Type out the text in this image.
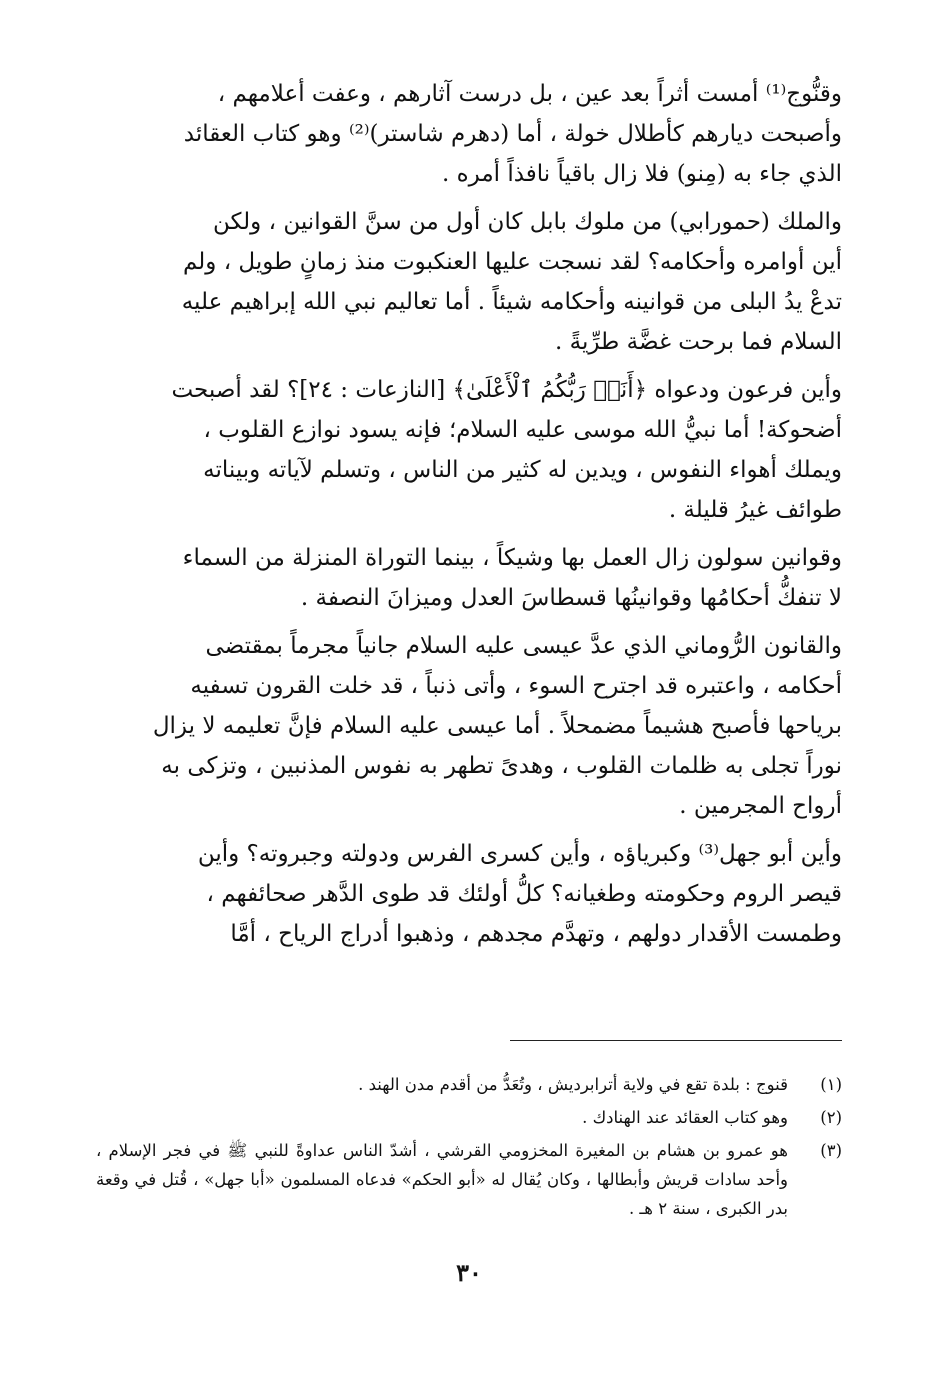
وقنُّوج⁽¹⁾ أمست أثراً بعد عين ، بل درست آثارهم ، وعفت أعلامهم ،
وأصبحت ديارهم كأطلال خولة ، أما (دهرم شاستر)⁽²⁾ وهو كتاب العقائد
الذي جاء به (مِنو) فلا زال باقياً نافذاً أمره .
والملك (حمورابي) من ملوك بابل كان أول من سنَّ القوانين ، ولكن
أين أوامره وأحكامه؟ لقد نسجت عليها العنكبوت منذ زمانٍ طويل ، ولم
تدعْ يدُ البلى من قوانينه وأحكامه شيئاً . أما تعاليم نبي الله إبراهيم عليه
السلام فما برحت غضَّة طرِّيةً .
وأين فرعون ودعواه ﴿أَنَا۠ رَبُّكُمُ ٱلْأَعْلَىٰ﴾ [النازعات : ٢٤]؟ لقد أصبحت
أضحوكة! أما نبيُّ الله موسى عليه السلام؛ فإنه يسود نوازع القلوب ،
ويملك أهواء النفوس ، ويدين له كثير من الناس ، وتسلم لآياته وبيناته
طوائف غيرُ قليلة .
وقوانين سولون زال العمل بها وشيكاً ، بينما التوراة المنزلة من السماء
لا تنفكُّ أحكامُها وقوانينُها قسطاسَ العدل وميزانَ النصفة .
والقانون الرُّوماني الذي عدَّ عيسى عليه السلام جانياً مجرماً بمقتضى
أحكامه ، واعتبره قد اجترح السوء ، وأتى ذنباً ، قد خلت القرون تسفيه
برياحها فأصبح هشيماً مضمحلاً . أما عيسى عليه السلام فإنَّ تعليمه لا يزال
نوراً تجلى به ظلمات القلوب ، وهدىً تطهر به نفوس المذنبين ، وتزكى به
أرواح المجرمين .
وأين أبو جهل⁽³⁾ وكبرياؤه ، وأين كسرى الفرس ودولته وجبروته؟ وأين
قيصر الروم وحكومته وطغيانه؟ كلُّ أولئك قد طوى الدَّهر صحائفهم ،
وطمست الأقدار دولهم ، وتهدَّم مجدهم ، وذهبوا أدراج الرياح ، أمَّا
(١)
قنوج : بلدة تقع في ولاية أترابرديش ، وتُعَدُّ من أقدم مدن الهند .
(٢)
وهو كتاب العقائد عند الهنادك .
(٣)
هو عمرو بن هشام بن المغيرة المخزومي القرشي ، أشدّ الناس عداوةً للنبي ﷺ في فجر الإسلام ، وأحد سادات قريش وأبطالها ، وكان يُقال له «أبو الحكم» فدعاه المسلمون «أبا جهل» ، قُتل في وقعة بدر الكبرى ، سنة ٢ هـ .
٣٠
